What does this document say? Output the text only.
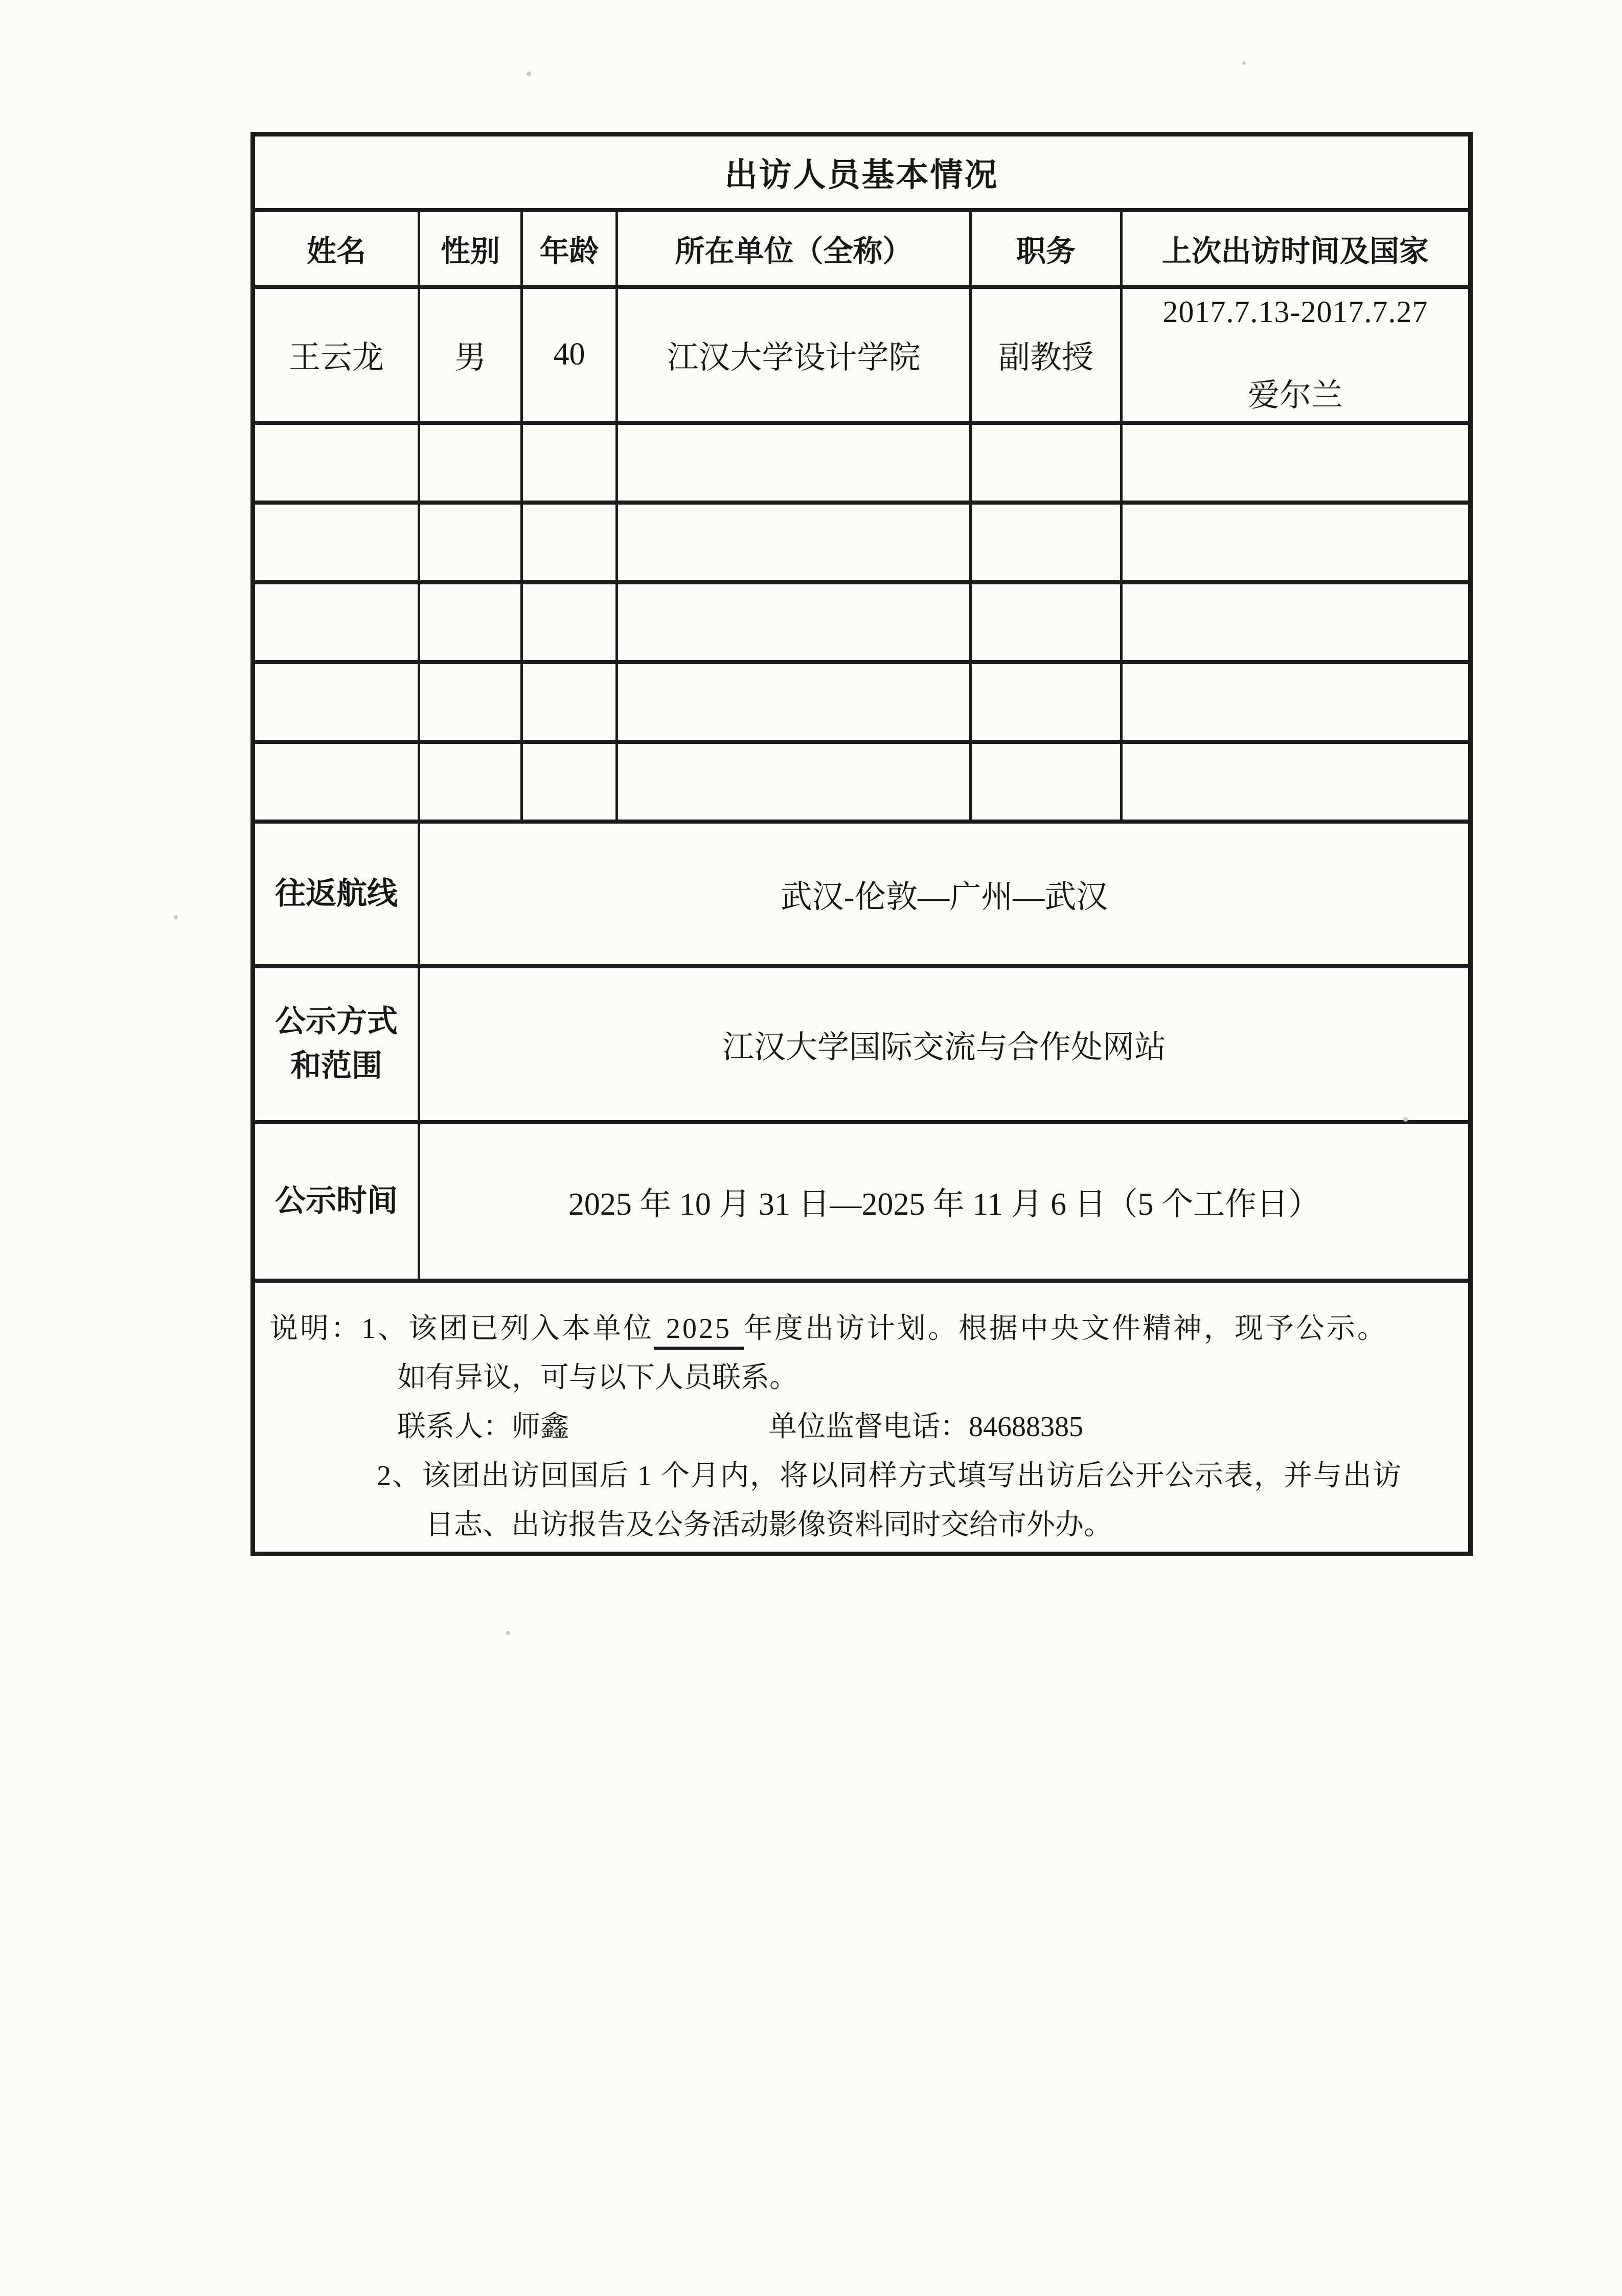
出访人员基本情况					
姓名	性别	年龄	所在单位（全称）	职务	上次出访时间及国家
王云龙	男	40	江汉大学设计学院	副教授	2017.7.13-2017.7.27
爱尔兰

往返航线	武汉-伦敦—广州—武汉				

公示方式
和范围	江汉大学国际交流与合作处网站				
公示时间	2025 年 10 月 31 日—2025 年 11 月 6 日（5 个工作日）				

说明：1、该团已列入本单位 2025 年度出访计划。根据中央文件精神，现予公示。
如有异议，可与以下人员联系。
联系人：师鑫 单位监督电话：84688385
2、该团出访回国后 1 个月内，将以同样方式填写出访后公开公示表，并与出访
日志、出访报告及公务活动影像资料同时交给市外办。					
